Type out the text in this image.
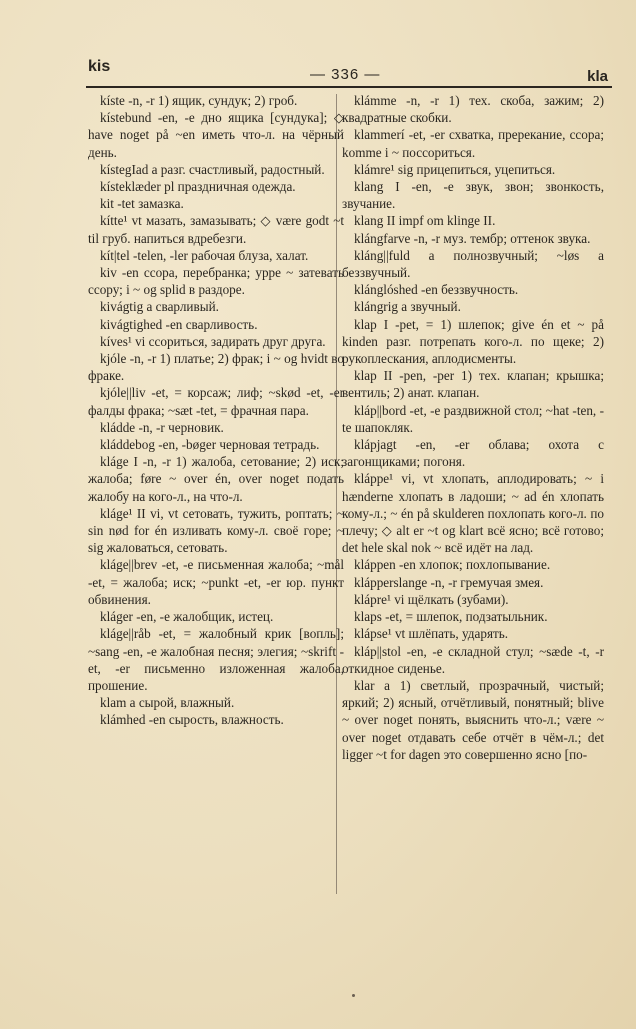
kis	— 336 —	kla

kíste -n, -r 1) ящик, сундук; 2) гроб.

kístebund -en, -e дно ящика [сундука]; ◇ have noget på ~en иметь что-л. на чёрный день.

kístegIad a разг. счастливый, радостный.

kísteklæder pl праздничная одежда.

kit -tet замазка.

kítte¹ vt мазать, замазывать; ◇ være godt ~t til груб. напиться вдребезги.

kít|tel -telen, -ler рабочая блуза, халат.

kiv -en ссора, перебранка; ypре ~ затевать ссору; i ~ og splid в раздоре.

kivágtig a сварливый.

kivágtighed -en сварливость.

kíves¹ vi ссориться, задирать друг друга.

kjóle -n, -r 1) платье; 2) фрак; i ~ og hvidt во фраке.

kjóle||liv -et, = корсаж; лиф; ~skød -et, -er фалды фрака; ~sæt -tet, = фрачная пара.

kládde -n, -r черновик.

kláddebog -en, -bøger черновая тетрадь.

kláge I -n, -r 1) жалоба, сетование; 2) иск; жалоба; føre ~ over én, over noget подать жалобу на кого-л., на что-л.

kláge¹ II vi, vt сетовать, тужить, роптать; ~ sin nød for én изливать кому-л. своё горе; ~ sig жаловаться, сетовать.

kláge||brev -et, -e письменная жалоба; ~mål -et, = жалоба; иск; ~punkt -et, -er юр. пункт обвинения.

kláger -en, -e жалобщик, истец.

kláge||råb -et, = жалобный крик [вопль]; ~sang -en, -e жалобная песня; элегия; ~skrift -et, -er письменно изложенная жалоба, прошение.

klam a сырой, влажный.

klámhed -en сырость, влажность.

klámme -n, -r 1) тех. скоба, зажим; 2) квадратные скобки.

klammerí -et, -er схватка, пререкание, ссора; komme i ~ поссориться.

klámre¹ sig прицепиться, уцепиться.

klang I -en, -e звук, звон; звонкость, звучание.

klang II impf om klinge II.

klángfarve -n, -r муз. тембр; оттенок звука.

kláng||fuld a полнозвучный; ~løs a беззвучный.

klánglóshed -en беззвучность.

klángrig a звучный.

klap I -pet, = 1) шлепок; give én et ~ på kinden разг. потрепать кого-л. по щеке; 2) рукоплескания, аплодисменты.

klap II -pen, -per 1) тех. клапан; крышка; вентиль; 2) анат. клапан.

kláp||bord -et, -e раздвижной стол; ~hat -ten, -te шапокляк.

klápjagt -en, -er облава; охота с загонщиками; погоня.

kláppe¹ vi, vt хлопать, аплодировать; ~ i hænderne хлопать в ладоши; ~ ad én хлопать кому-л.; ~ én på skulderen похлопать кого-л. по плечу; ◇ alt er ~t og klart всё ясно; всё готово; det hele skal nok ~ всё идёт на лад.

kláppen -en хлопок; похлопывание.

klápperslange -n, -r гремучая змея.

klápre¹ vi щёлкать (зубами).

klaps -et, = шлепок, подзатыльник.

klápse¹ vt шлёпать, ударять.

kláp||stol -en, -e складной стул; ~sæde -t, -r откидное сиденье.

klar a 1) светлый, прозрачный, чистый; яркий; 2) ясный, отчётливый, понятный; blive ~ over noget понять, выяснить что-л.; være ~ over noget отдавать себе отчёт в чём-л.; det ligger ~t for dagen это совершенно ясно [по-
